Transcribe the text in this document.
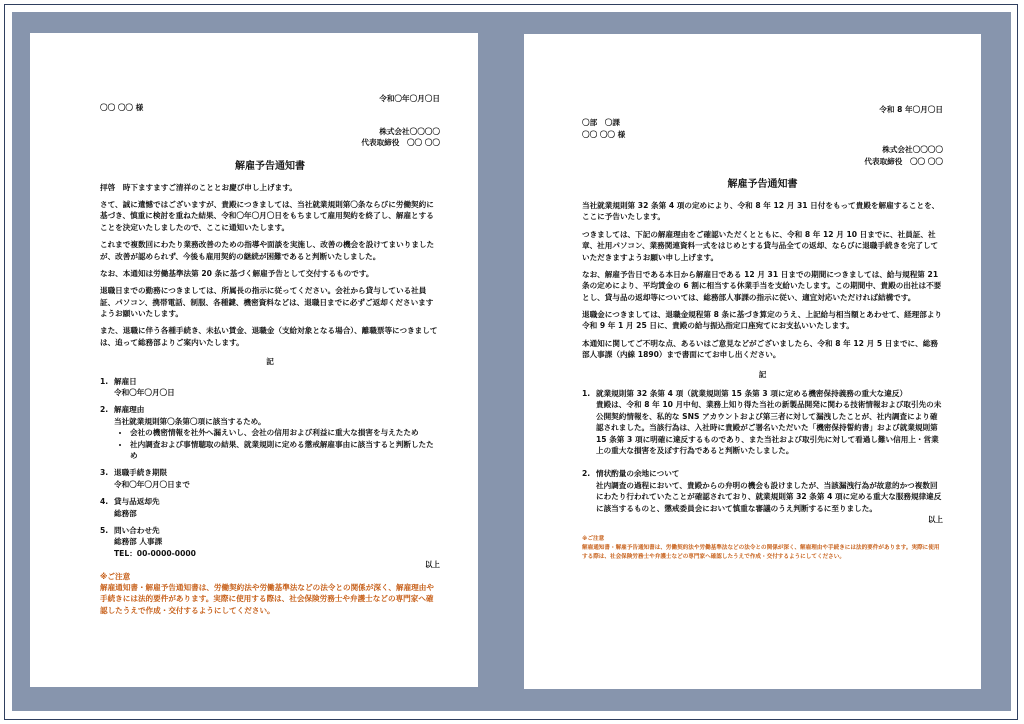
令和〇年〇月〇日
〇〇 〇〇 様
株式会社〇〇〇〇
代表取締役　〇〇 〇〇
解雇予告通知書

拝啓　時下ますますご清祥のこととお慶び申し上げます。

さて、誠に遺憾ではございますが、貴殿につきましては、当社就業規則第〇条ならびに労働契約に基づき、慎重に検討を重ねた結果、令和〇年〇月〇日をもちまして雇用契約を終了し、解雇とすることを決定いたしましたので、ここに通知いたします。

これまで複数回にわたり業務改善のための指導や面談を実施し、改善の機会を設けてまいりましたが、改善が認められず、今後も雇用契約の継続が困難であると判断いたしました。

なお、本通知は労働基準法第 20 条に基づく解雇予告として交付するものです。

退職日までの勤務につきましては、所属長の指示に従ってください。会社から貸与している社員証、パソコン、携帯電話、制服、各種鍵、機密資料などは、退職日までに必ずご返却くださいますようお願いいたします。

また、退職に伴う各種手続き、未払い賃金、退職金（支給対象となる場合）、離職票等につきましては、追って総務部よりご案内いたします。

記
1. 解雇日
令和〇年〇月〇日
2. 解雇理由
当社就業規則第〇条第〇項に該当するため。
• 会社の機密情報を社外へ漏えいし、会社の信用および利益に重大な損害を与えたため
• 社内調査および事情聴取の結果、就業規則に定める懲戒解雇事由に該当すると判断したため
3. 退職手続き期限
令和〇年〇月〇日まで
4. 貸与品返却先
総務部
5. 問い合わせ先
総務部 人事課
TEL：00-0000-0000
以上
※ご注意
解雇通知書・解雇予告通知書は、労働契約法や労働基準法などの法令との関係が深く、解雇理由や手続きには法的要件があります。実際に使用する際は、社会保険労務士や弁護士などの専門家へ確認したうえで作成・交付するようにしてください。
令和 8 年〇月〇日
〇部　〇課
〇〇 〇〇 様
株式会社〇〇〇〇
代表取締役　〇〇 〇〇
解雇予告通知書

当社就業規則第 32 条第 4 項の定めにより、令和 8 年 12 月 31 日付をもって貴殿を解雇することを、ここに予告いたします。

つきましては、下記の解雇理由をご確認いただくとともに、令和 8 年 12 月 10 日までに、社員証、社章、社用パソコン、業務関連資料一式をはじめとする貸与品全ての返却、ならびに退職手続きを完了していただきますようお願い申し上げます。

なお、解雇予告日である本日から解雇日である 12 月 31 日までの期間につきましては、給与規程第 21 条の定めにより、平均賃金の 6 割に相当する休業手当を支給いたします。この期間中、貴殿の出社は不要とし、貸与品の返却等については、総務部人事課の指示に従い、適宜対応いただければ結構です。

退職金につきましては、退職金規程第 8 条に基づき算定のうえ、上記給与相当額とあわせて、経理部より令和 9 年 1 月 25 日に、貴殿の給与振込指定口座宛てにお支払いいたします。

本通知に関してご不明な点、あるいはご意見などがございましたら、令和 8 年 12 月 5 日までに、総務部人事課（内線 1890）まで書面にてお申し出ください。

記
1. 就業規則第 32 条第 4 項（就業規則第 15 条第 3 項に定める機密保持義務の重大な違反）
貴殿は、令和 8 年 10 月中旬、業務上知り得た当社の新製品開発に関わる技術情報および取引先の未公開契約情報を、私的な SNS アカウントおよび第三者に対して漏洩したことが、社内調査により確認されました。当該行為は、入社時に貴殿がご署名いただいた「機密保持誓約書」および就業規則第 15 条第 3 項に明確に違反するものであり、また当社および取引先に対して看過し難い信用上・営業上の重大な損害を及ぼす行為であると判断いたしました。
2. 情状酌量の余地について
社内調査の過程において、貴殿からの弁明の機会も設けましたが、当該漏洩行為が故意的かつ複数回にわたり行われていたことが確認されており、就業規則第 32 条第 4 項に定める重大な服務規律違反に該当するものと、懲戒委員会において慎重な審議のうえ判断するに至りました。
以上
※ご注意
解雇通知書・解雇予告通知書は、労働契約法や労働基準法などの法令との関係が深く、解雇理由や手続きには法的要件があります。実際に使用する際は、社会保険労務士や弁護士などの専門家へ確認したうえで作成・交付するようにしてください。
